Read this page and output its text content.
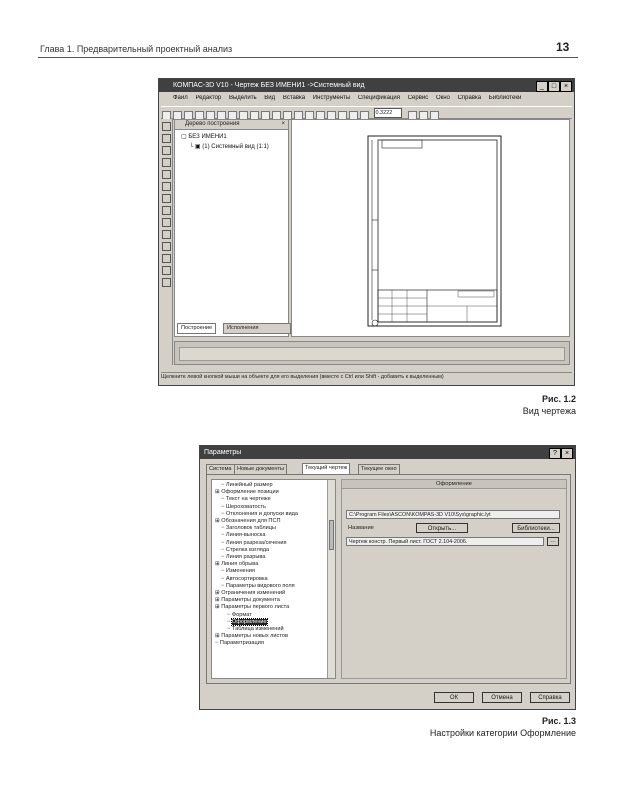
Глава 1. Предварительный проектный анализ	13
КОМПАС-3D V10 - Чертеж БЕЗ ИМЕНИ1 ->Системный вид	_	□	×
Файл Редактор Выделить Вид Вставка Инструменты Спецификация Сервис Окно Справка Библиотеки
0.3222
Дерево построения	×
▢ БЕЗ ИМЕНИ1
└ ▣ (1) Системный вид (1:1)
Построение	Исполнения
Щелкните левой кнопкой мыши на объекте для его выделения (вместе с Ctrl или Shift - добавить к выделенным)
Рис. 1.2
Вид чертежа
Параметры	?	×
Система Новые документы	Текущий чертеж	Текущее окно
┈ Линейный размер
⊞ Оформление позиции
┈ Текст на чертеже
┈ Шероховатость
┈ Отклонения и допуски вида
⊞ Обозначения для ПСП
┈ Заголовок таблицы
┈ Линия-выноска
┈ Линия разреза/сечения
┈ Стрелка взгляда
┈ Линия разрыва
⊞ Линия обрыва
┈ Изменения
┈ Автосортировка
┈ Параметры видового поля
⊞ Ограничения изменений
⊞ Параметры документа
⊞ Параметры первого листа
┈ Формат
┈ Оформление
┈ Таблица изменений
⊞ Параметры новых листов
┈ Параметризация
Оформление
C:\Program Files\ASCON\KOMPAS-3D V10\Sys\graphic.lyt
Название	Открыть...	Библиотеки...
Чертеж констр. Первый лист. ГОСТ 2.104-2006.	…
ОК	Отмена	Справка
Рис. 1.3
Настройки категории Оформление
